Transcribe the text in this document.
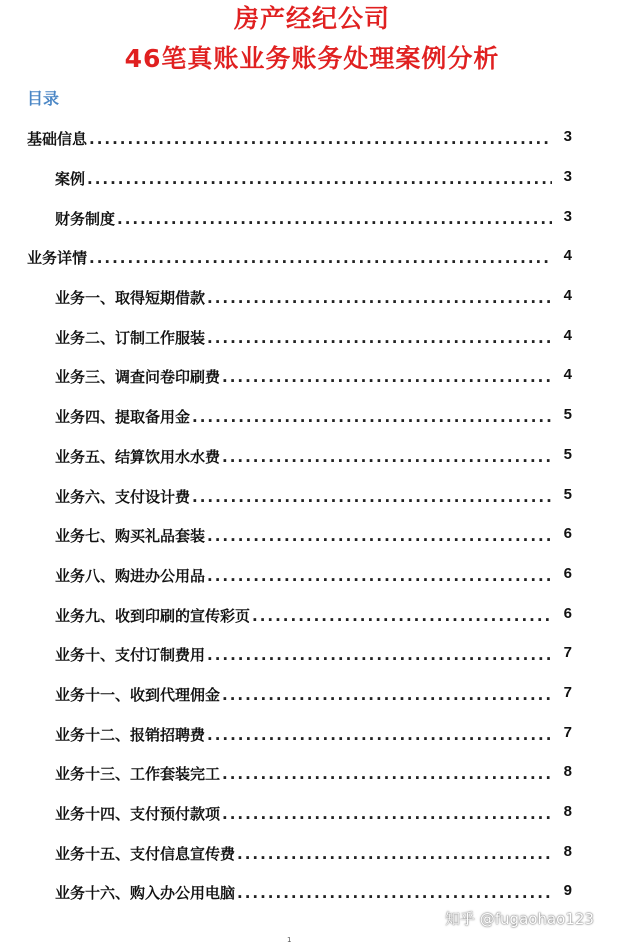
房产经纪公司
46笔真账业务账务处理案例分析
目录
基础信息 .....	3
案例 .....	3
财务制度 .....	3
业务详情 .....	4
业务一、取得短期借款 .....	4
业务二、订制工作服装 .....	4
业务三、调查问卷印刷费 .....	4
业务四、提取备用金 .....	5
业务五、结算饮用水水费 .....	5
业务六、支付设计费 .....	5
业务七、购买礼品套装 .....	6
业务八、购进办公用品 .....	6
业务九、收到印刷的宣传彩页 .....	6
业务十、支付订制费用 .....	7
业务十一、收到代理佣金 .....	7
业务十二、报销招聘费 .....	7
业务十三、工作套装完工 .....	8
业务十四、支付预付款项 .....	8
业务十五、支付信息宣传费 .....	8
业务十六、购入办公用电脑 .....	9
知乎 @fugaohao123
1
